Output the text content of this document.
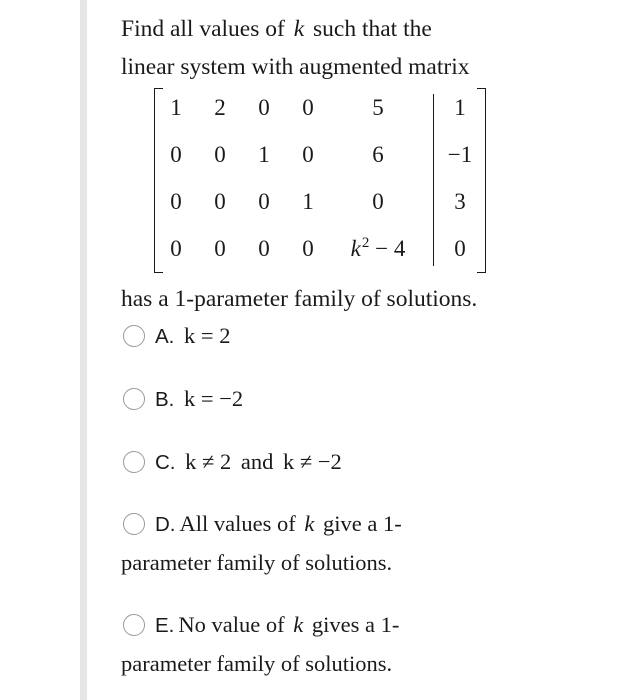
Find all values of k such that the
linear system with augmented matrix
1	2	0	0	5	1
0	0	1	0	6	−1
0	0	0	1	0	3
0	0	0	0	$k^2 - 4$	0
has a 1-parameter family of solutions.
A. k = 2
B. k = −2
C. k ≠ 2 and k ≠ −2
D. All values of k give a 1-
parameter family of solutions.
E. No value of k gives a 1-
parameter family of solutions.
